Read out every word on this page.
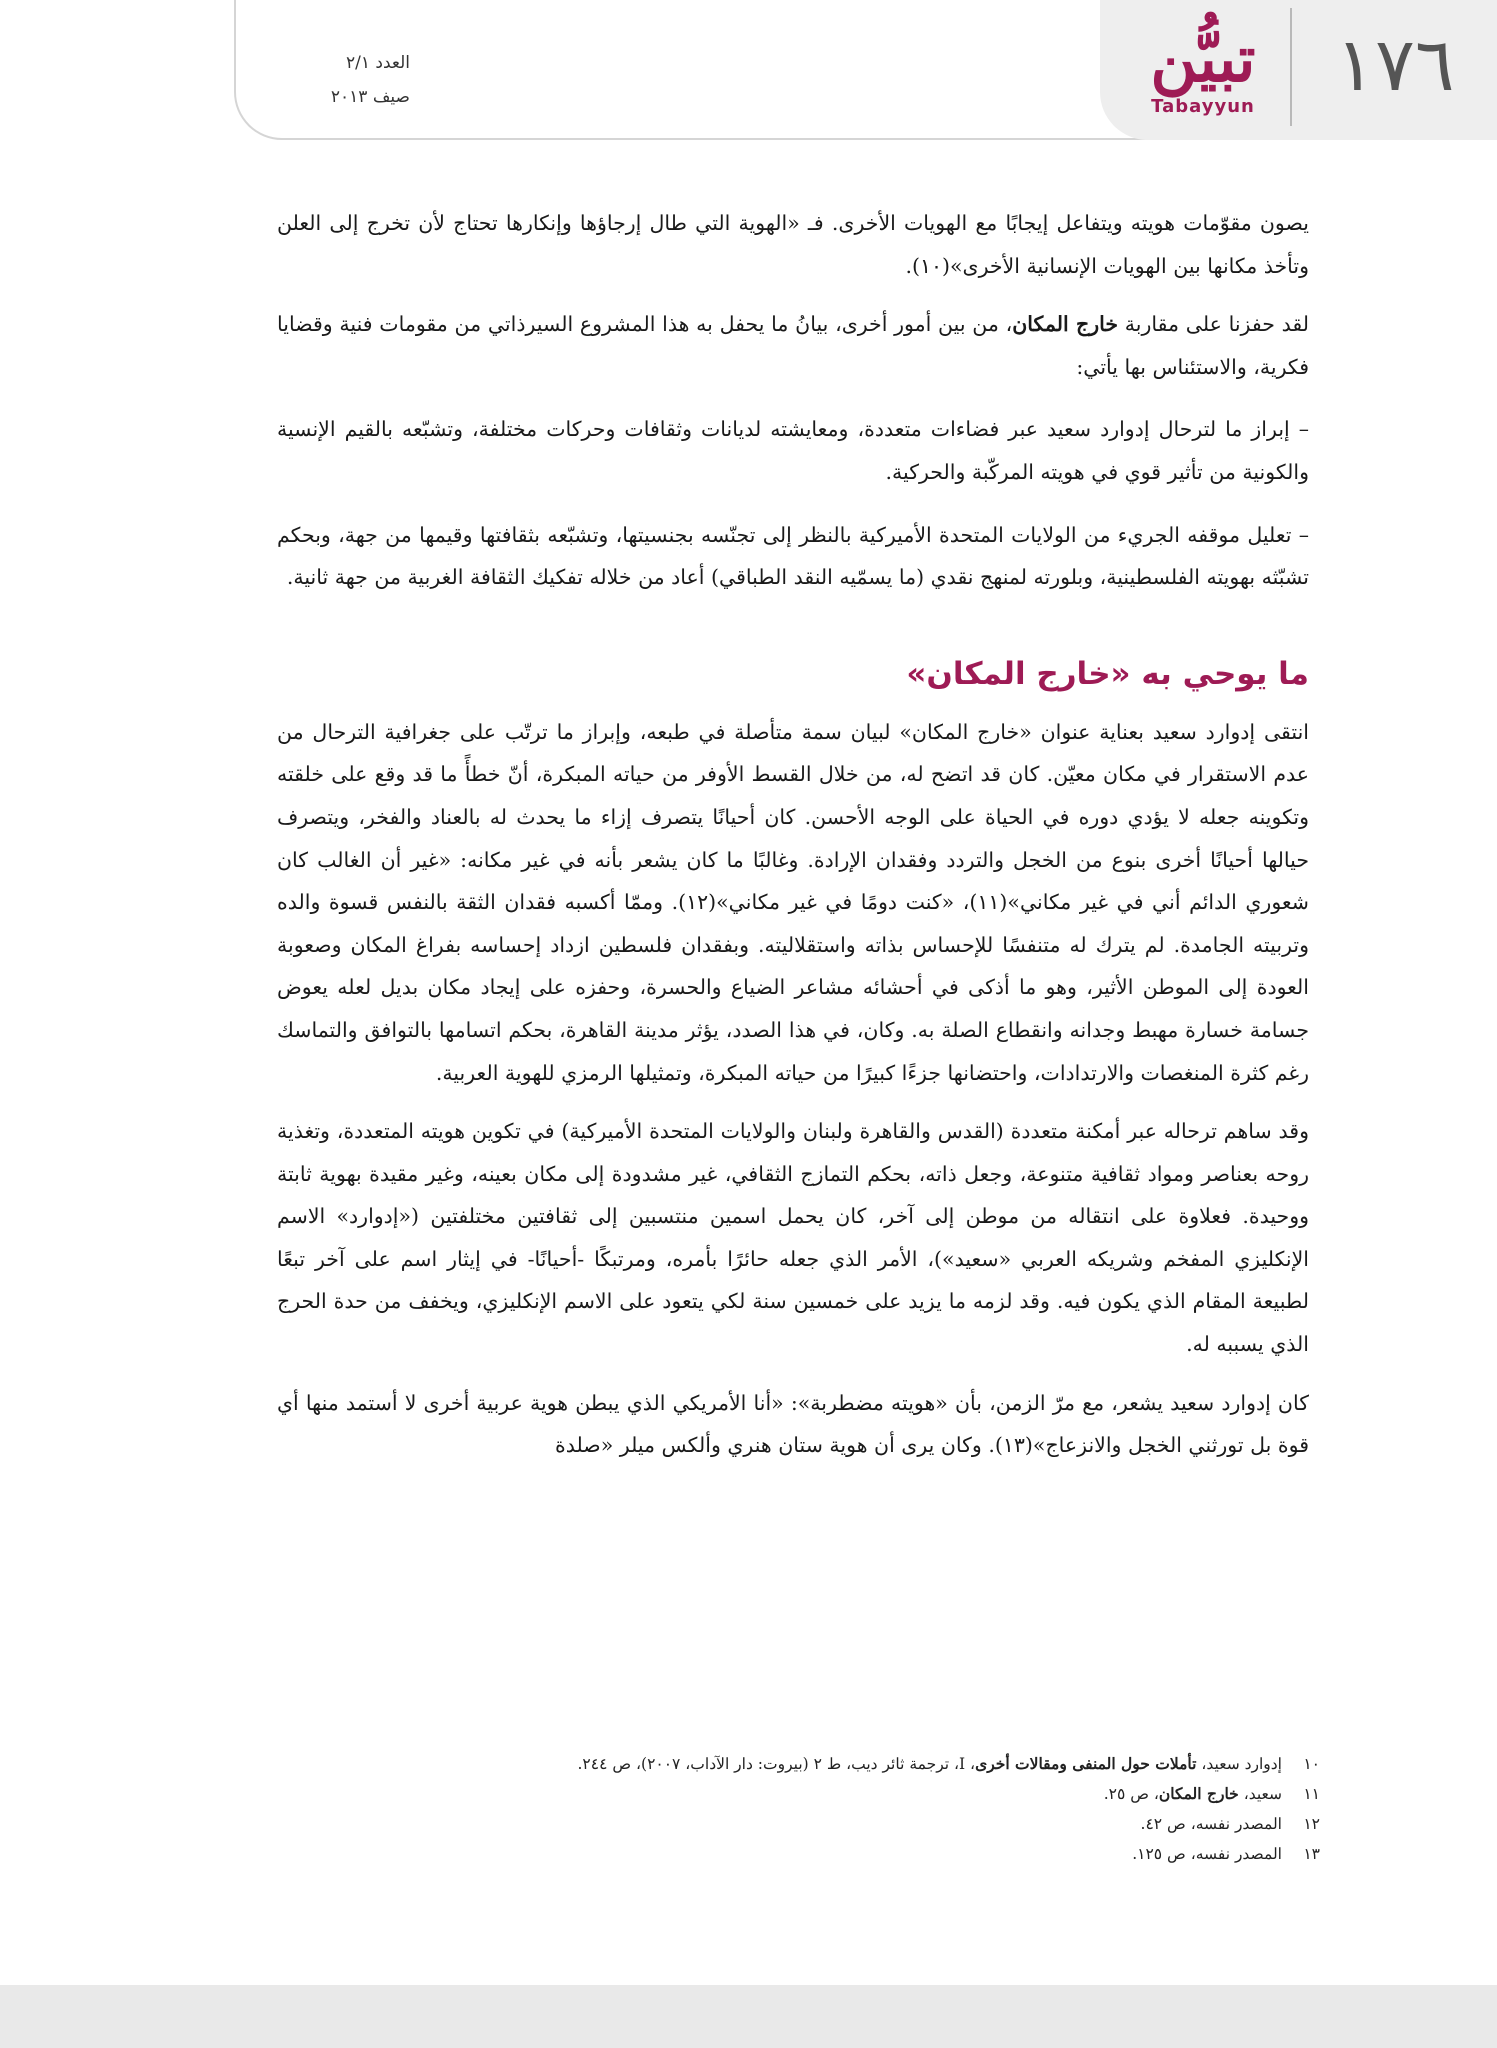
١٧٦
تبيُّن
Tabayyun
العدد ٢/١
صيف ٢٠١٣

يصون مقوّمات هويته ويتفاعل إيجابًا مع الهويات الأخرى. فـ «الهوية التي طال إرجاؤها وإنكارها تحتاج لأن تخرج إلى العلن وتأخذ مكانها بين الهويات الإنسانية الأخرى»(١٠).

لقد حفزنا على مقاربة خارج المكان، من بين أمور أخرى، بيانُ ما يحفل به هذا المشروع السيرذاتي من مقومات فنية وقضايا فكرية، والاستئناس بها يأتي:

– إبراز ما لترحال إدوارد سعيد عبر فضاءات متعددة، ومعايشته لديانات وثقافات وحركات مختلفة، وتشبّعه بالقيم الإنسية والكونية من تأثير قوي في هويته المركّبة والحركية.

– تعليل موقفه الجريء من الولايات المتحدة الأميركية بالنظر إلى تجنّسه بجنسيتها، وتشبّعه بثقافتها وقيمها من جهة، وبحكم تشبّثه بهويته الفلسطينية، وبلورته لمنهج نقدي (ما يسمّيه النقد الطباقي) أعاد من خلاله تفكيك الثقافة الغربية من جهة ثانية.

ما يوحي به «خارج المكان»

انتقى إدوارد سعيد بعناية عنوان «خارج المكان» لبيان سمة متأصلة في طبعه، وإبراز ما ترتّب على جغرافية الترحال من عدم الاستقرار في مكان معيّن. كان قد اتضح له، من خلال القسط الأوفر من حياته المبكرة، أنّ خطأً ما قد وقع على خلقته وتكوينه جعله لا يؤدي دوره في الحياة على الوجه الأحسن. كان أحيانًا يتصرف إزاء ما يحدث له بالعناد والفخر، ويتصرف حيالها أحيانًا أخرى بنوع من الخجل والتردد وفقدان الإرادة. وغالبًا ما كان يشعر بأنه في غير مكانه: «غير أن الغالب كان شعوري الدائم أني في غير مكاني»(١١)، «كنت دومًا في غير مكاني»(١٢). وممّا أكسبه فقدان الثقة بالنفس قسوة والده وتربيته الجامدة. لم يترك له متنفسًا للإحساس بذاته واستقلاليته. وبفقدان فلسطين ازداد إحساسه بفراغ المكان وصعوبة العودة إلى الموطن الأثير، وهو ما أذكى في أحشائه مشاعر الضياع والحسرة، وحفزه على إيجاد مكان بديل لعله يعوض جسامة خسارة مهبط وجدانه وانقطاع الصلة به. وكان، في هذا الصدد، يؤثر مدينة القاهرة، بحكم اتسامها بالتوافق والتماسك رغم كثرة المنغصات والارتدادات، واحتضانها جزءًا كبيرًا من حياته المبكرة، وتمثيلها الرمزي للهوية العربية.

وقد ساهم ترحاله عبر أمكنة متعددة (القدس والقاهرة ولبنان والولايات المتحدة الأميركية) في تكوين هويته المتعددة، وتغذية روحه بعناصر ومواد ثقافية متنوعة، وجعل ذاته، بحكم التمازج الثقافي، غير مشدودة إلى مكان بعينه، وغير مقيدة بهوية ثابتة ووحيدة. فعلاوة على انتقاله من موطن إلى آخر، كان يحمل اسمين منتسبين إلى ثقافتين مختلفتين («إدوارد» الاسم الإنكليزي المفخم وشريكه العربي «سعيد»)، الأمر الذي جعله حائرًا بأمره، ومرتبكًا -أحيانًا- في إيثار اسم على آخر تبعًا لطبيعة المقام الذي يكون فيه. وقد لزمه ما يزيد على خمسين سنة لكي يتعود على الاسم الإنكليزي، ويخفف من حدة الحرج الذي يسببه له.

كان إدوارد سعيد يشعر، مع مرّ الزمن، بأن «هويته مضطربة»: «أنا الأمريكي الذي يبطن هوية عربية أخرى لا أستمد منها أي قوة بل تورثني الخجل والانزعاج»(١٣). وكان يرى أن هوية ستان هنري وألكس ميلر «صلدة

١٠
إدوارد سعيد، تأملات حول المنفى ومقالات أخرى، I، ترجمة ثائر ديب، ط ٢ (بيروت: دار الآداب، ٢٠٠٧)، ص ٢٤٤.
١١
سعيد، خارج المكان، ص ٢٥.
١٢
المصدر نفسه، ص ٤٢.
١٣
المصدر نفسه، ص ١٢٥.
